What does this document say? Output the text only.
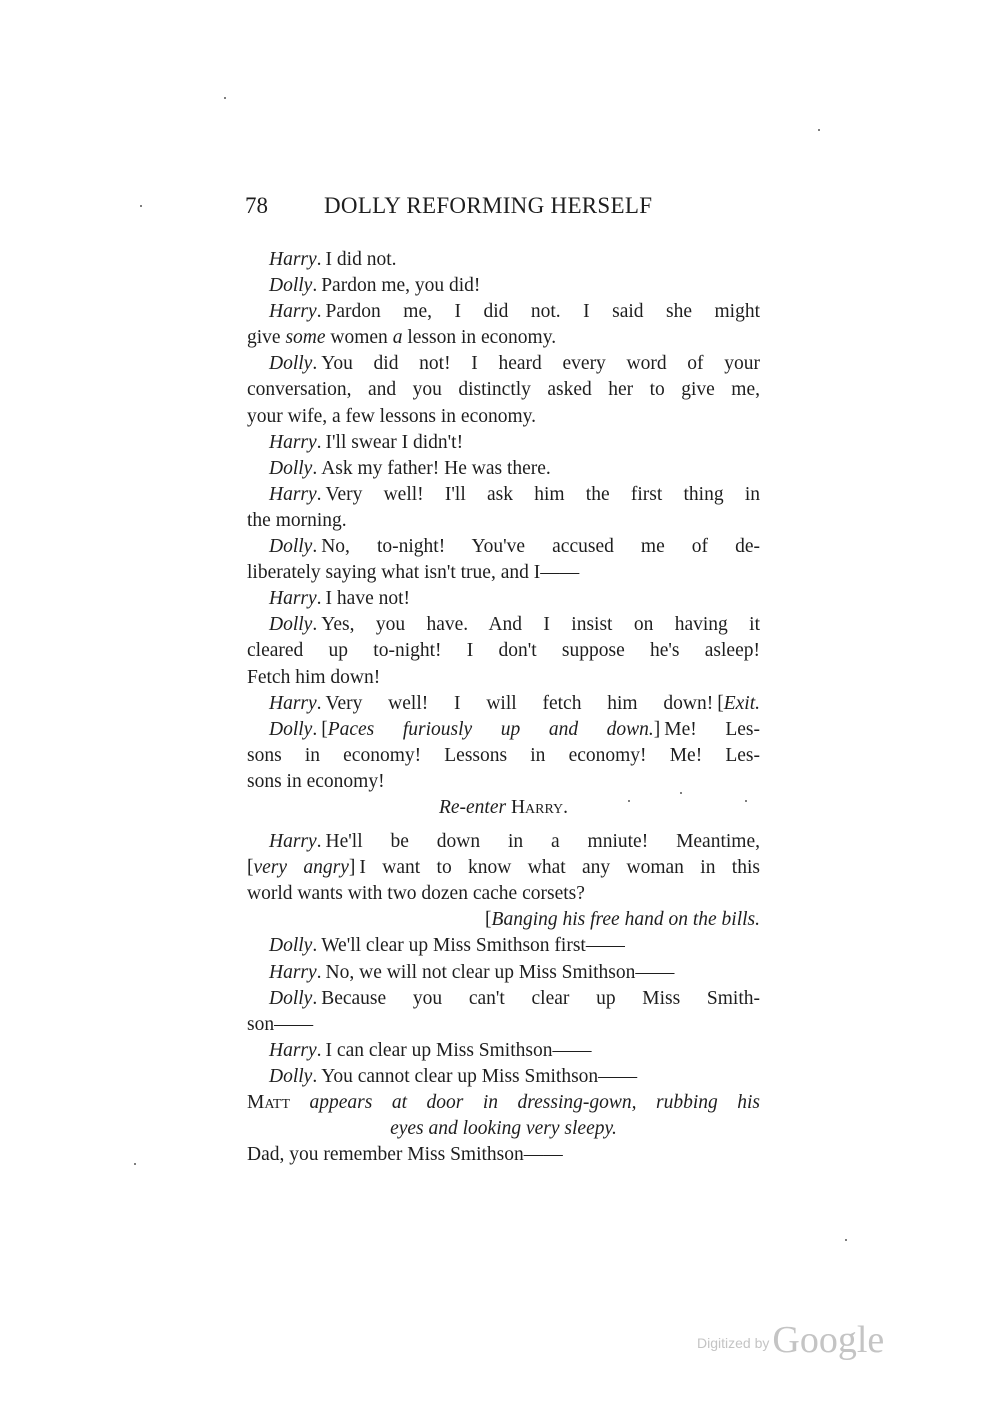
78 DOLLY REFORMING HERSELF
Harry. I did not.
Dolly. Pardon me, you did!
Harry. Pardon me, I did not. I said she might
give some women a lesson in economy.
Dolly. You did not! I heard every word of your
conversation, and you distinctly asked her to give me,
your wife, a few lessons in economy.
Harry. I'll swear I didn't!
Dolly. Ask my father! He was there.
Harry. Very well! I'll ask him the first thing in
the morning.
Dolly. No, to-night! You've accused me of de-
liberately saying what isn't true, and I——
Harry. I have not!
Dolly. Yes, you have. And I insist on having it
cleared up to-night! I don't suppose he's asleep!
Fetch him down!
Harry. Very well! I will fetch him down! [Exit.
Dolly. [Paces furiously up and down.] Me! Les-
sons in economy! Lessons in economy! Me! Les-
sons in economy!
Re-enter Harry.
Harry. He'll be down in a mniute! Meantime,
[very angry] I want to know what any woman in this
world wants with two dozen cache corsets?
[Banging his free hand on the bills.
Dolly. We'll clear up Miss Smithson first——
Harry. No, we will not clear up Miss Smithson——
Dolly. Because you can't clear up Miss Smith-
son——
Harry. I can clear up Miss Smithson——
Dolly. You cannot clear up Miss Smithson——
Matt appears at door in dressing-gown, rubbing his
eyes and looking very sleepy.
Dad, you remember Miss Smithson——
Digitized byGoogle
